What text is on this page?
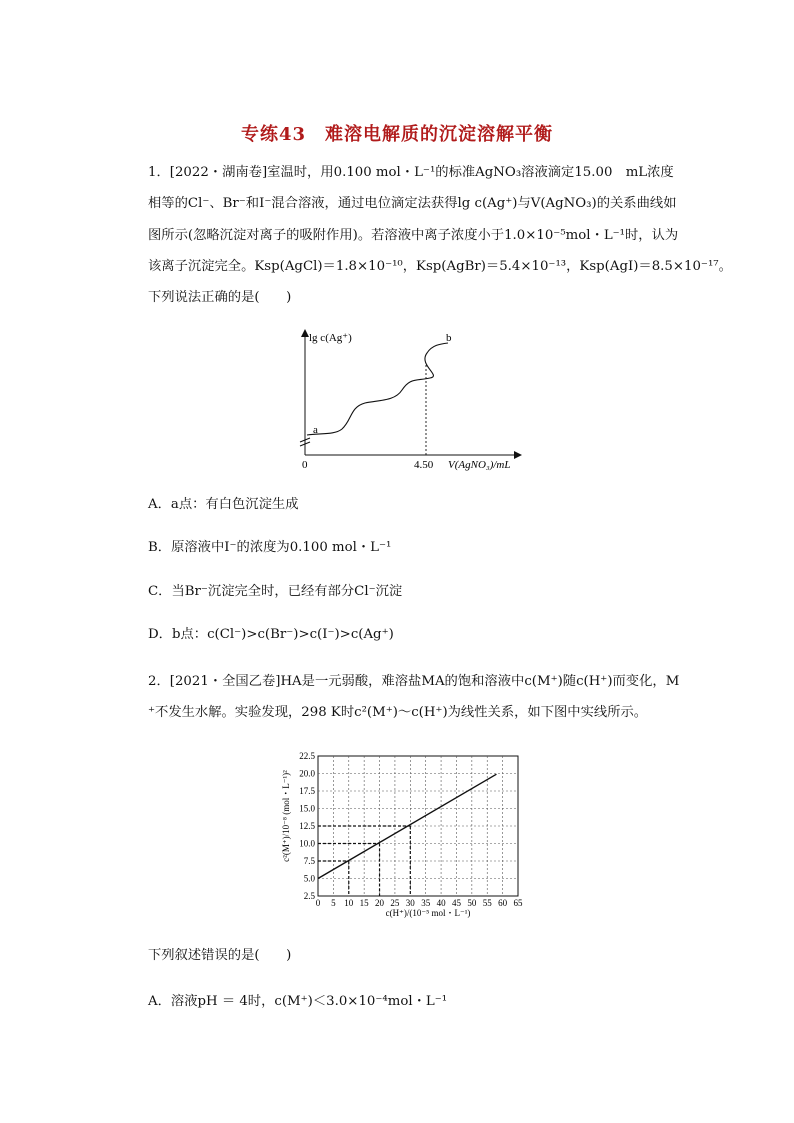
专练43　难溶电解质的沉淀溶解平衡
1．[2022・湖南卷]室温时，用0.100 mol・L⁻¹的标准AgNO₃溶液滴定15.00　mL浓度
相等的Cl⁻、Br⁻和I⁻混合溶液，通过电位滴定法获得lg c(Ag⁺)与V(AgNO₃)的关系曲线如
图所示(忽略沉淀对离子的吸附作用)。若溶液中离子浓度小于1.0×10⁻⁵mol・L⁻¹时，认为
该离子沉淀完全。Ksp(AgCl)＝1.8×10⁻¹⁰，Ksp(AgBr)＝5.4×10⁻¹³，Ksp(AgI)＝8.5×10⁻¹⁷。
下列说法正确的是(　　)
lg c(Ag⁺)
a
b
0	4.50 V(AgNO₃)/mL
A．a点：有白色沉淀生成
B．原溶液中I⁻的浓度为0.100 mol・L⁻¹
C．当Br⁻沉淀完全时，已经有部分Cl⁻沉淀
D．b点：c(Cl⁻)>c(Br⁻)>c(I⁻)>c(Ag⁺)
2．[2021・全国乙卷]HA是一元弱酸，难溶盐MA的饱和溶液中c(M⁺)随c(H⁺)而变化，M
⁺不发生水解。实验发现，298 K时c²(M⁺)～c(H⁺)为线性关系，如下图中实线所示。
0 5 10 15 20 25 30 35 40 45 50 55 60 65
2.5
5.0
7.5
10.0
12.5
15.0
17.5
20.0
22.5
c(H⁺)/(10⁻⁵ mol・L⁻¹)
c²(M⁺)/10⁻⁸ (mol・L⁻¹)²
下列叙述错误的是(　　)
A．溶液pH ＝ 4时，c(M⁺)＜3.0×10⁻⁴mol・L⁻¹
